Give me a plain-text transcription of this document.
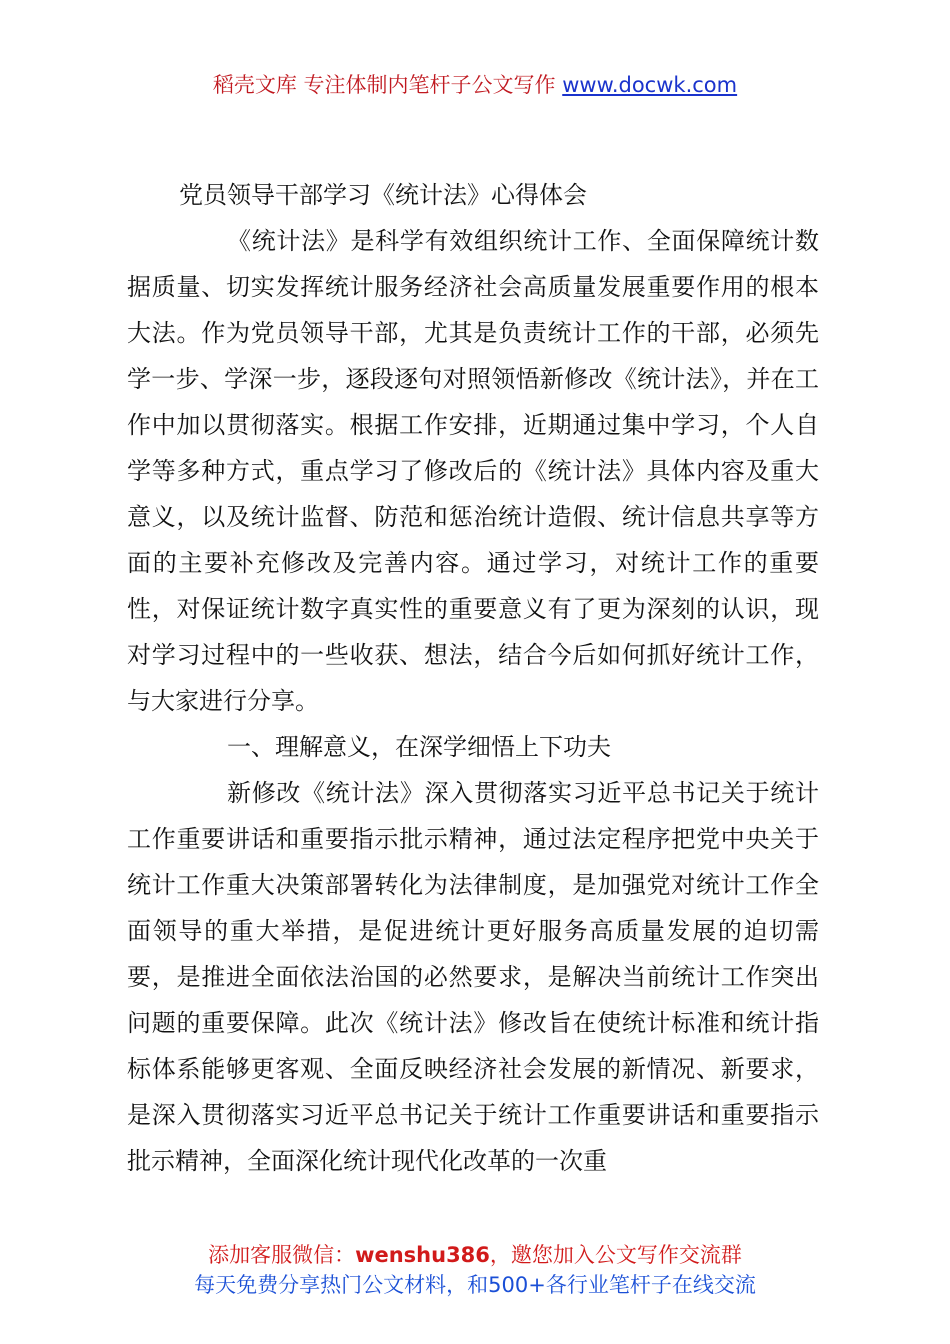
稻壳文库 专注体制内笔杆子公文写作 www.docwk.com

党员领导干部学习《统计法》心得体会

《统计法》是科学有效组织统计工作、全面保障统计数据质量、切实发挥统计服务经济社会高质量发展重要作用的根本大法。作为党员领导干部，尤其是负责统计工作的干部，必须先学一步、学深一步，逐段逐句对照领悟新修改《统计法》，并在工作中加以贯彻落实。根据工作安排，近期通过集中学习，个人自学等多种方式，重点学习了修改后的《统计法》具体内容及重大意义，以及统计监督、防范和惩治统计造假、统计信息共享等方面的主要补充修改及完善内容。通过学习，对统计工作的重要性，对保证统计数字真实性的重要意义有了更为深刻的认识，现对学习过程中的一些收获、想法，结合今后如何抓好统计工作，与大家进行分享。

一、理解意义，在深学细悟上下功夫

新修改《统计法》深入贯彻落实习近平总书记关于统计工作重要讲话和重要指示批示精神，通过法定程序把党中央关于统计工作重大决策部署转化为法律制度，是加强党对统计工作全面领导的重大举措，是促进统计更好服务高质量发展的迫切需要，是推进全面依法治国的必然要求，是解决当前统计工作突出问题的重要保障。此次《统计法》修改旨在使统计标准和统计指标体系能够更客观、全面反映经济社会发展的新情况、新要求，是深入贯彻落实习近平总书记关于统计工作重要讲话和重要指示批示精神，全面深化统计现代化改革的一次重

添加客服微信：wenshu386，邀您加入公文写作交流群
每天免费分享热门公文材料，和500+各行业笔杆子在线交流
